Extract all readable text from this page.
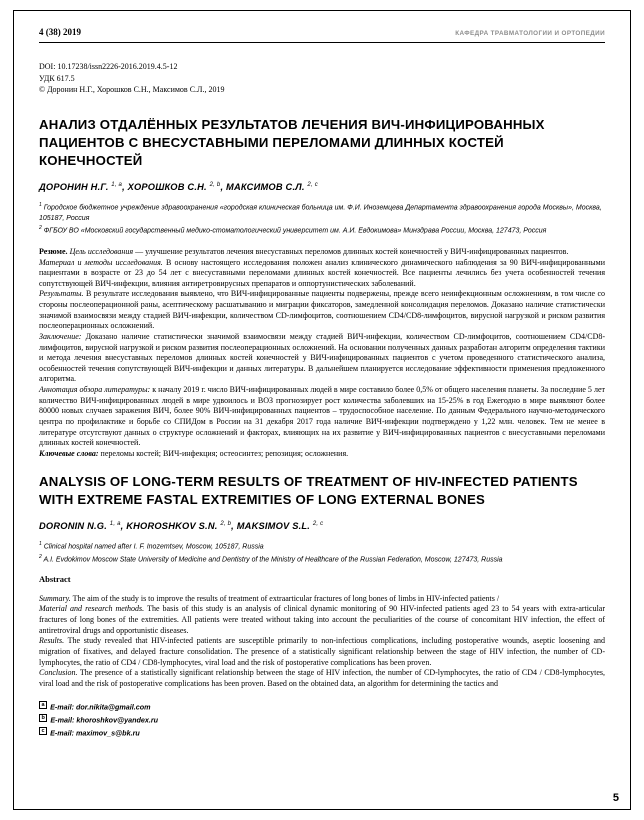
4 (38) 2019	КАФЕДРА ТРАВМАТОЛОГИИ И ОРТОПЕДИИ
DOI: 10.17238/issn2226-2016.2019.4.5-12
УДК 617.5
© Доронин Н.Г., Хорошков С.Н., Максимов С.Л., 2019
АНАЛИЗ ОТДАЛЁННЫХ РЕЗУЛЬТАТОВ ЛЕЧЕНИЯ ВИЧ-ИНФИЦИРОВАННЫХ ПАЦИЕНТОВ С ВНЕСУСТАВНЫМИ ПЕРЕЛОМАМИ ДЛИННЫХ КОСТЕЙ КОНЕЧНОСТЕЙ
ДОРОНИН Н.Г. $^{1, a}$, ХОРОШКОВ С.Н. $^{2, b}$, МАКСИМОВ С.Л. $^{2, c}$
$^1$ Городское бюджетное учреждение здравоохранения «городская клиническая больница им. Ф.И. Иноземцева Департамента здравоохранения города Москвы», Москва, 105187, Россия
$^2$ ФГБОУ ВО «Московский государственный медико-стоматологический университет им. А.И. Евдокимова» Минздрава России, Москва, 127473, Россия

Резюме. Цель исследования — улучшение результатов лечения внесуставных переломов длинных костей конечностей у ВИЧ-инфицированных пациентов.

Материал и методы исследования. В основу настоящего исследования положен анализ клинического динамического наблюдения за 90 ВИЧ-инфицированными пациентами в возрасте от 23 до 54 лет с внесуставными переломами длинных костей конечностей. Все пациенты лечились без учета особенностей течения сопутствующей ВИЧ-инфекции, влияния антиретровирусных препаратов и оппортунистических заболеваний.

Результаты. В результате исследования выявлено, что ВИЧ-инфицированные пациенты подвержены, прежде всего неинфекционным осложнениям, в том числе со стороны послеоперационной раны, асептическому расшатыванию и миграции фиксаторов, замедленной консолидация переломов. Доказано наличие статистически значимой взаимосвязи между стадией ВИЧ-инфекции, количеством CD-лимфоцитов, соотношением CD4/CD8-лимфоцитов, вирусной нагрузкой и риском развития послеоперационных осложнений.

Заключение: Доказано наличие статистически значимой взаимосвязи между стадией ВИЧ-инфекции, количеством CD-лимфоцитов, соотношением CD4/CD8-лимфоцитов, вирусной нагрузкой и риском развития послеоперационных осложнений. На основании полученных данных разработан алгоритм определения тактики и метода лечения внесуставных переломов длинных костей конечностей у ВИЧ-инфицированных пациентов с учетом проведенного статистического анализа, особенностей течения сопутствующей ВИЧ-инфекции и данных литературы. В дальнейшем планируется исследование эффективности применения предложенного алгоритма.

Аннотация обзора литературы: к началу 2019 г. число ВИЧ-инфицированных людей в мире составило более 0,5% от общего населения планеты. За последние 5 лет количество ВИЧ-инфицированных людей в мире удвоилось и ВОЗ прогнозирует рост количества заболевших на 15-25% в год Ежегодно в мире выявляют более 80000 новых случаев заражения ВИЧ, более 90% ВИЧ-инфицированных пациентов – трудоспособное население. По данным Федерального научно-методического центра по профилактике и борьбе со СПИДом в России на 31 декабря 2017 года наличие ВИЧ-инфекции подтверждено у 1,22 млн. человек. Тем не менее в литературе отсутствуют данных о структуре осложнений и факторах, влияющих на их развитие у ВИЧ-инфицированных пациентов с внесуставными переломами длинных костей конечностей.

Ключевые слова: переломы костей; ВИЧ-инфекция; остеосинтез; репозиция; осложнения.

ANALYSIS OF LONG-TERM RESULTS OF TREATMENT OF HIV-INFECTED PATIENTS WITH EXTREME FASTAL EXTREMITIES OF LONG EXTERNAL BONES
DORONIN N.G. $^{1, a}$, KHOROSHKOV S.N. $^{2, b}$, MAKSIMOV S.L. $^{2, c}$
$^1$ Clinical hospital named after I. F. Inozemtsev, Moscow, 105187, Russia
$^2$ A.I. Evdokimov Moscow State University of Medicine and Dentistry of the Ministry of Healthcare of the Russian Federation, Moscow, 127473, Russia
Abstract

Summary. The aim of the study is to improve the results of treatment of extraarticular fractures of long bones of limbs in HIV-infected patients /

Material and research methods. The basis of this study is an analysis of clinical dynamic monitoring of 90 HIV-infected patients aged 23 to 54 years with extra-articular fractures of long bones of the extremities. All patients were treated without taking into account the peculiarities of the course of concomitant HIV infection, the effect of antiretroviral drugs and opportunistic diseases.

Results. The study revealed that HIV-infected patients are susceptible primarily to non-infectious complications, including postoperative wounds, aseptic loosening and migration of fixatives, and delayed fracture consolidation. The presence of a statistically significant relationship between the stage of HIV infection, the number of CD-lymphocytes, the ratio of CD4 / CD8-lymphocytes, viral load and the risk of postoperative complications has been proven.

Conclusion. The presence of a statistically significant relationship between the stage of HIV infection, the number of CD-lymphocytes, the ratio of CD4 / CD8-lymphocytes, viral load and the risk of postoperative complications has been proven. Based on the obtained data, an algorithm for determining the tactics and

$^a$ E-mail: dor.nikita@gmail.com
$^b$ E-mail: khoroshkov@yandex.ru
$^c$ E-mail: maximov_s@bk.ru
5
